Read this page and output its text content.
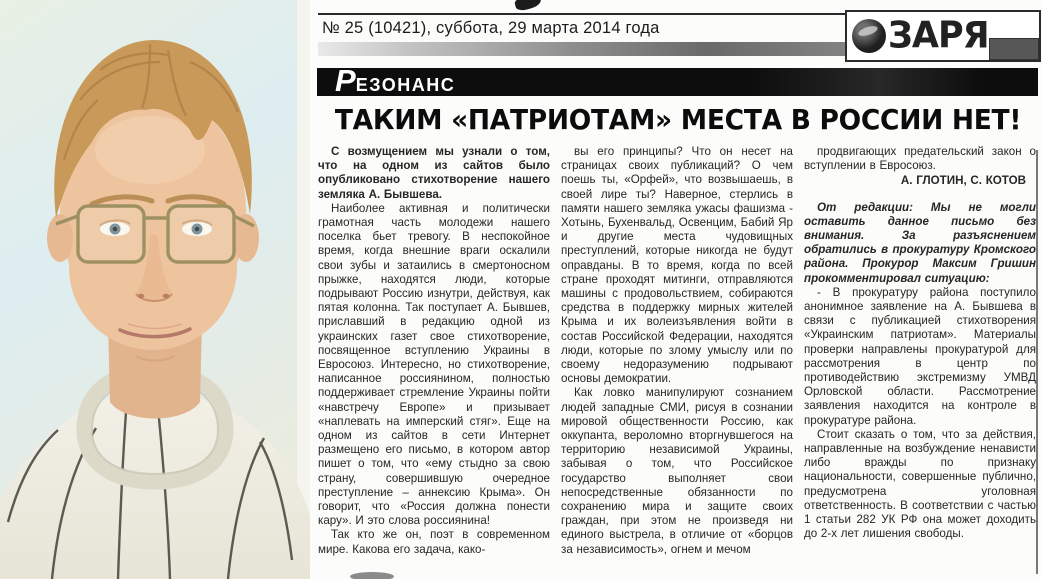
№ 25 (10421), суббота, 29 марта 2014 года	ЗАРЯ
Р ЕЗОНАНС
ТАКИМ «ПАТРИОТАМ» МЕСТА В РОССИИ НЕТ!

С возмущением мы узнали о том, что на одном из сайтов было опубликовано стихотворение нашего земляка А. Бывшева.

Наиболее активная и политически грамотная часть молодежи нашего поселка бьет тревогу. В неспокойное время, когда внешние враги оскалили свои зубы и затаились в смертоносном прыжке, находятся люди, которые подрывают Россию изнутри, действуя, как пятая колонна. Так поступает А. Бывшев, приславший в редакцию одной из украинских газет свое стихотворение, посвященное вступлению Украины в Евросоюз. Интересно, но стихотворение, написанное россиянином, полностью поддерживает стремление Украины пойти «навстречу Европе» и призывает «наплевать на имперский стяг». Еще на одном из сайтов в сети Интернет размещено его письмо, в котором автор пишет о том, что «ему стыдно за свою страну, совершившую очередное преступление – аннексию Крыма». Он говорит, что «Россия должна понести кару». И это слова россиянина!

Так кто же он, поэт в современном мире. Какова его задача, како-

вы его принципы? Что он несет на страницах своих публикаций? О чем поешь ты, «Орфей», что возвышаешь, в своей лире ты? Наверное, стерлись в памяти нашего земляка ужасы фашизма - Хотынь, Бухенвальд, Освенцим, Бабий Яр и другие места чудовищных преступлений, которые никогда не будут оправданы. В то время, когда по всей стране проходят митинги, отправляются машины с продовольствием, собираются средства в поддержку мирных жителей Крыма и их волеизъявления войти в состав Российской Федерации, находятся люди, которые по злому умыслу или по своему недоразумению подрывают основы демократии.

Как ловко манипулируют сознанием людей западные СМИ, рисуя в сознании мировой общественности Россию, как оккупанта, вероломно вторгнувшегося на территорию независимой Украины, забывая о том, что Российское государство выполняет свои непосредственные обязанности по сохранению мира и защите своих граждан, при этом не произведя ни единого выстрела, в отличие от «борцов за независимость», огнем и мечом

продвигающих предательский закон о вступлении в Евросоюз.

А. ГЛОТИН, С. КОТОВ

От редакции: Мы не могли оставить данное письмо без внимания. За разъяснением обратились в прокуратуру Кромского района. Прокурор Максим Гришин прокомментировал ситуацию:

- В прокуратуру района поступило анонимное заявление на А. Бывшева в связи с публикацией стихотворения «Украинским патриотам». Материалы проверки направлены прокуратурой для рассмотрения в центр по противодействию экстремизму УМВД Орловской области. Рассмотрение заявления находится на контроле в прокуратуре района.

Стоит сказать о том, что за действия, направленные на возбуждение ненависти либо вражды по признаку национальности, совершенные публично, предусмотрена уголовная ответственность. В соответствии с частью 1 статьи 282 УК РФ она может доходить до 2-х лет лишения свободы.
